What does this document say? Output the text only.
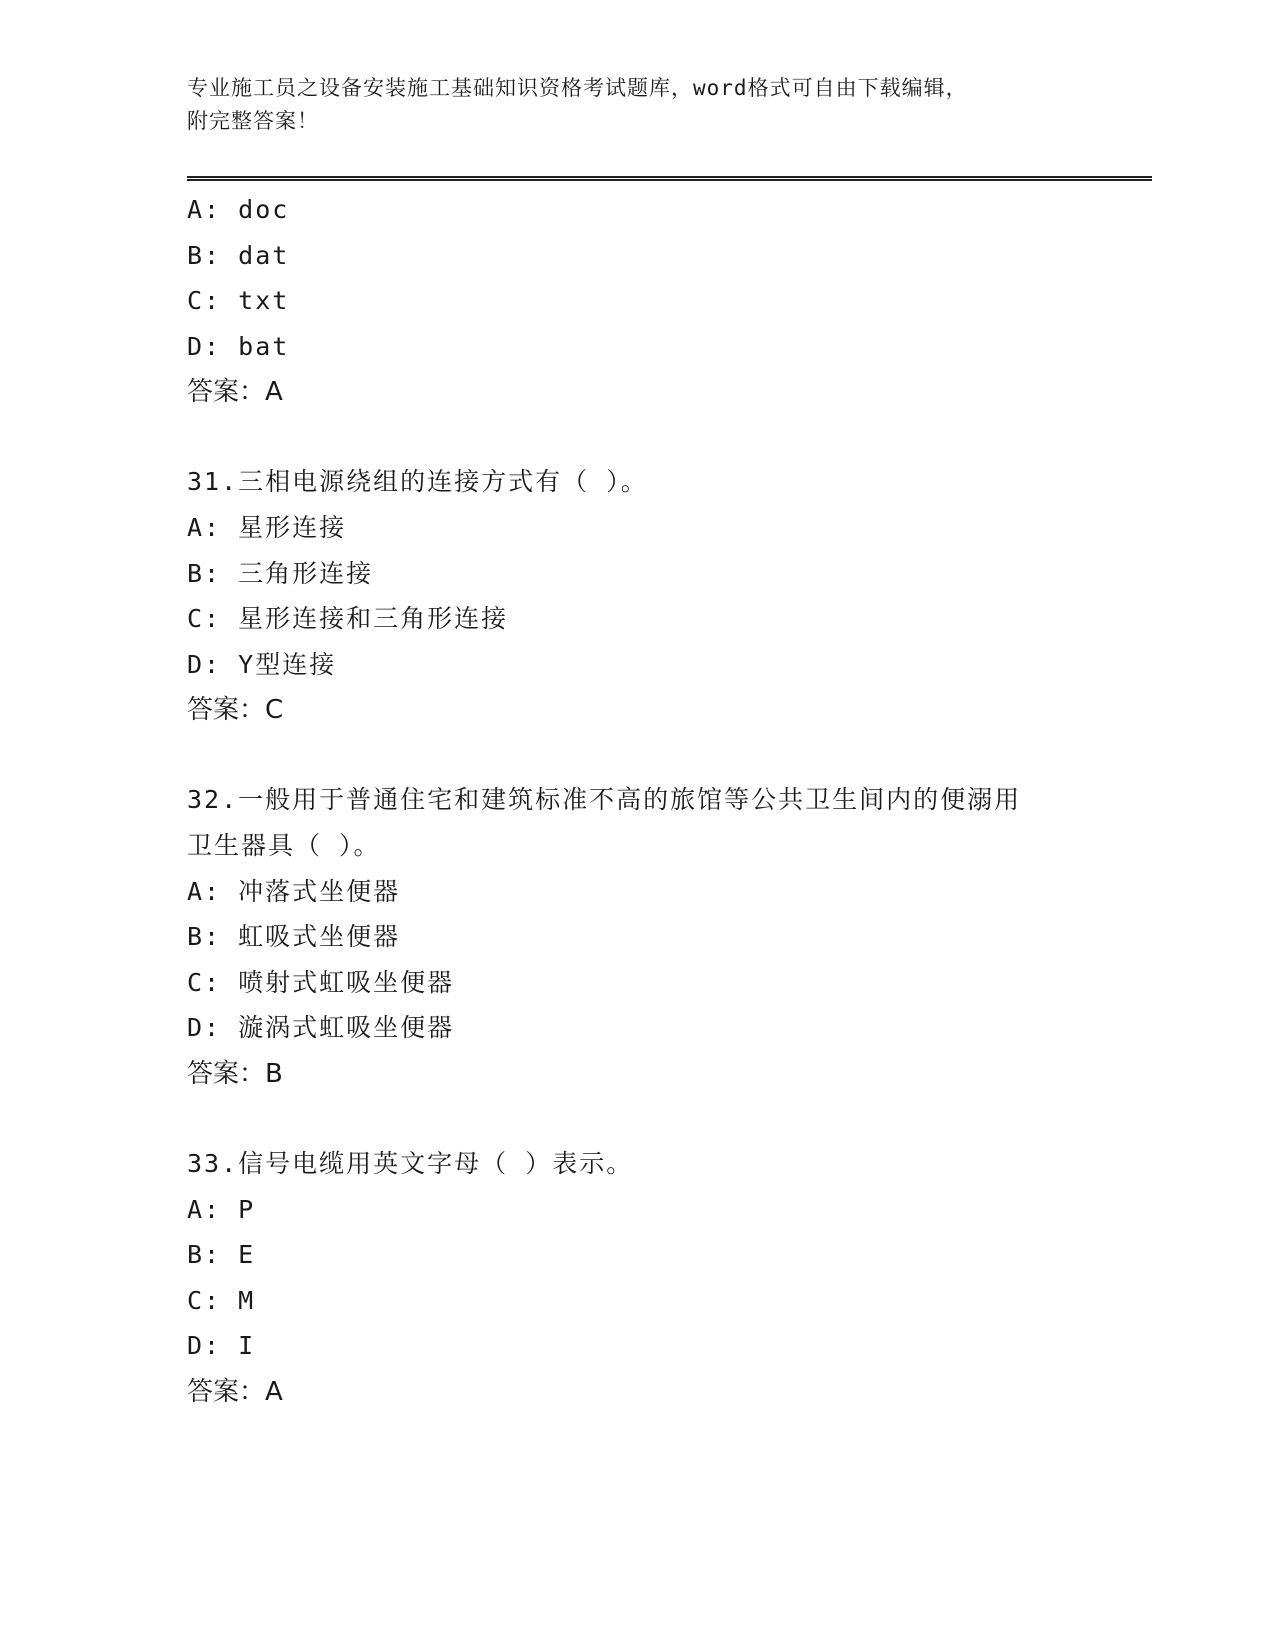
专业施工员之设备安装施工基础知识资格考试题库，word格式可自由下载编辑，
附完整答案！
A: doc
B: dat
C: txt
D: bat
答案：A
31.三相电源绕组的连接方式有（ ）。
A: 星形连接
B: 三角形连接
C: 星形连接和三角形连接
D: Y型连接
答案：C
32.一般用于普通住宅和建筑标准不高的旅馆等公共卫生间内的便溺用
卫生器具（ ）。
A: 冲落式坐便器
B: 虹吸式坐便器
C: 喷射式虹吸坐便器
D: 漩涡式虹吸坐便器
答案：B
33.信号电缆用英文字母（ ）表示。
A: P
B: E
C: M
D: I
答案：A
